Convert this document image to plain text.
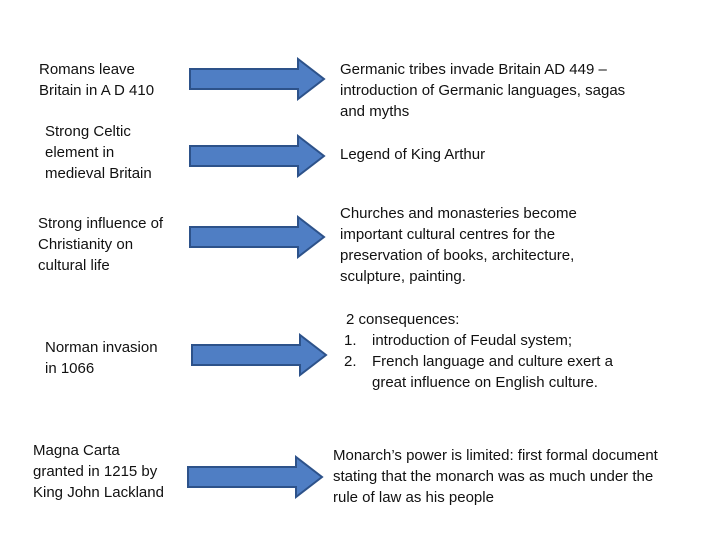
Romans leave
Britain in A D 410

Germanic tribes invade Britain AD 449 –
introduction of Germanic languages, sagas
and myths

Strong Celtic
element in
medieval Britain

Legend of King Arthur

Strong influence of
Christianity on
cultural life

Churches and monasteries become
important cultural centres for the
preservation of books, architecture,
sculpture, painting.

Norman invasion
in 1066

2 consequences:

1.	introduction of Feudal system;
2.	French language and culture exert a great influence on English culture.

Magna Carta
granted in 1215 by
King John Lackland

Monarch’s power is limited: first formal document
stating that the monarch was as much under the
rule of law as his people
